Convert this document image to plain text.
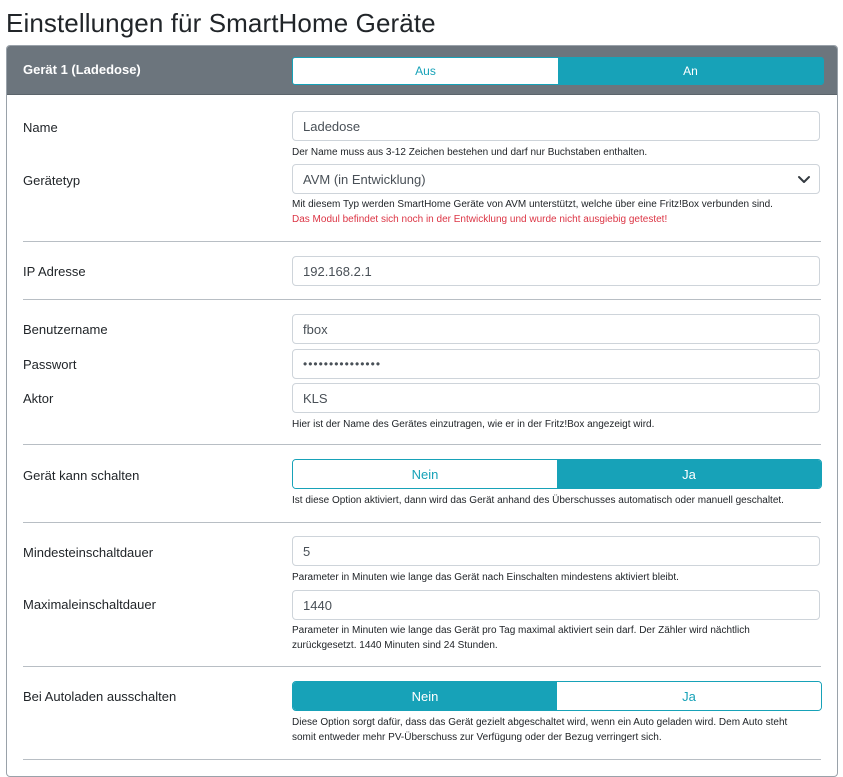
Einstellungen für SmartHome Geräte
Gerät 1 (Ladedose)	Aus	An
Name	Ladedose
Der Name muss aus 3-12 Zeichen bestehen und darf nur Buchstaben enthalten.
Gerätetyp	AVM (in Entwicklung)
Mit diesem Typ werden SmartHome Geräte von AVM unterstützt, welche über eine Fritz!Box verbunden sind.
Das Modul befindet sich noch in der Entwicklung und wurde nicht ausgiebig getestet!
IP Adresse	192.168.2.1
Benutzername	fbox
Passwort	•••••••••••••••
Aktor	KLS
Hier ist der Name des Gerätes einzutragen, wie er in der Fritz!Box angezeigt wird.
Gerät kann schalten	Nein	Ja
Ist diese Option aktiviert, dann wird das Gerät anhand des Überschusses automatisch oder manuell geschaltet.
Mindesteinschaltdauer	5
Parameter in Minuten wie lange das Gerät nach Einschalten mindestens aktiviert bleibt.
Maximaleinschaltdauer	1440
Parameter in Minuten wie lange das Gerät pro Tag maximal aktiviert sein darf. Der Zähler wird nächtlich
zurückgesetzt. 1440 Minuten sind 24 Stunden.
Bei Autoladen ausschalten	Nein	Ja
Diese Option sorgt dafür, dass das Gerät gezielt abgeschaltet wird, wenn ein Auto geladen wird. Dem Auto steht
somit entweder mehr PV-Überschuss zur Verfügung oder der Bezug verringert sich.
